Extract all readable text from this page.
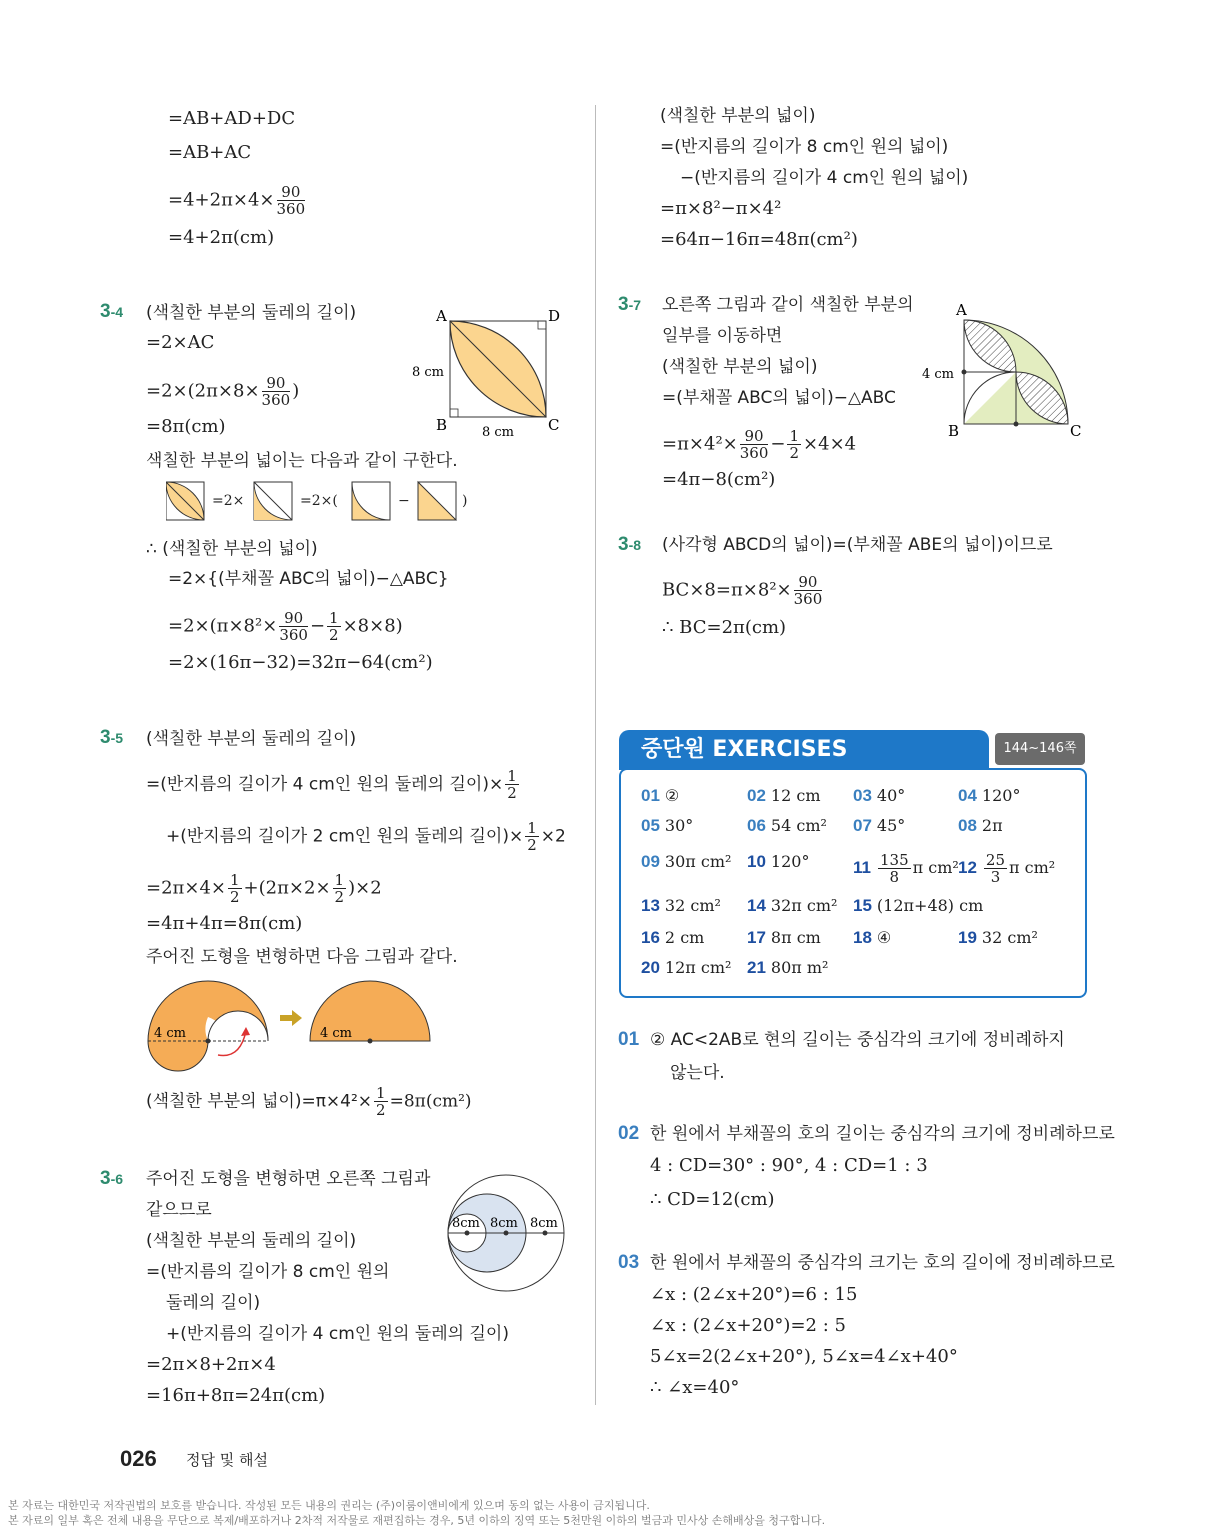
=AB+AD+DC
=AB+AC
$=4+2\pi\times 4\times \frac{90}{360}$
=4+2π(cm)
3-4 (색칠한 부분의 둘레의 길이)
=2×AC
$=2\times(2\pi\times 8\times \frac{90}{360}$ )
=8π(cm)
색칠한 부분의 넓이는 다음과 같이 구한다.
A	D
B	C
8 cm
8 cm
=2×	=2×(	−	)
∴ (색칠한 부분의 넓이)
=2×{(부채꼴 ABC의 넓이)−△ABC}
$=2\times(\pi\times 8^2\times \frac{90}{360} - \frac{1}{2} \times 8\times 8)$
=2×(16π−32)=32π−64(cm²)
3-5 (색칠한 부분의 둘레의 길이)
=(반지름의 길이가 4 cm인 원의 둘레의 길이)× $\frac{1}{2}$
+(반지름의 길이가 2 cm인 원의 둘레의 길이)× $\frac{1}{2} \times 2$
$=2\pi\times 4\times \frac{1}{2} +(2\pi\times 2\times \frac{1}{2} )\times 2$
=4π+4π=8π(cm)
주어진 도형을 변형하면 다음 그림과 같다.
4 cm	4 cm
(색칠한 부분의 넓이)$=\pi\times 4^2\times \frac{1}{2} =8\pi(cm^2)$
3-6 주어진 도형을 변형하면 오른쪽 그림과
같으므로
(색칠한 부분의 둘레의 길이)
=(반지름의 길이가 8 cm인 원의
둘레의 길이)
+(반지름의 길이가 4 cm인 원의 둘레의 길이)
=2π×8+2π×4
=16π+8π=24π(cm)
8cm 8cm 8cm
(색칠한 부분의 넓이)
=(반지름의 길이가 8 cm인 원의 넓이)
−(반지름의 길이가 4 cm인 원의 넓이)
=π×8²−π×4²
=64π−16π=48π(cm²)
3-7 오른쪽 그림과 같이 색칠한 부분의
일부를 이동하면
(색칠한 부분의 넓이)
=(부채꼴 ABC의 넓이)−△ABC
$=\pi\times 4^2\times \frac{90}{360} - \frac{1}{2} \times 4\times 4$
=4π−8(cm²)
A
B	C
4 cm
3-8 (사각형 ABCD의 넓이)=(부채꼴 ABE의 넓이)이므로
$BC\times 8=\pi\times 8^2\times \frac{90}{360}$
∴ BC=2π(cm)
중단원 EXERCISES	144~146쪽
01 ②	02 12 cm 03 40°	04 120°
05 30°	06 54 cm² 07 45°	08 2π
09 30π cm² 10 120°	$11 \frac{135}{8}$ π cm² $12 \frac{25}{3}$ π cm²
13 32 cm² 14 32π cm² 15 (12π+48) cm
16 2 cm	17 8π cm 18 ④	19 32 cm²
20 12π cm² 21 80π m²
01 ② AC<2AB로 현의 길이는 중심각의 크기에 정비례하지
않는다.
02 한 원에서 부채꼴의 호의 길이는 중심각의 크기에 정비례하므로
4 : CD=30° : 90°, 4 : CD=1 : 3
∴ CD=12(cm)
03 한 원에서 부채꼴의 중심각의 크기는 호의 길이에 정비례하므로
∠x : (2∠x+20°)=6 : 15
∠x : (2∠x+20°)=2 : 5
5∠x=2(2∠x+20°), 5∠x=4∠x+40°
∴ ∠x=40°
026 정답 및 해설
본 자료는 대한민국 저작권법의 보호를 받습니다. 작성된 모든 내용의 권리는 (주)이룸이앤비에게 있으며 동의 없는 사용이 금지됩니다.
본 자료의 일부 혹은 전체 내용을 무단으로 복제/배포하거나 2차적 저작물로 재편집하는 경우, 5년 이하의 징역 또는 5천만원 이하의 벌금과 민사상 손해배상을 청구합니다.
